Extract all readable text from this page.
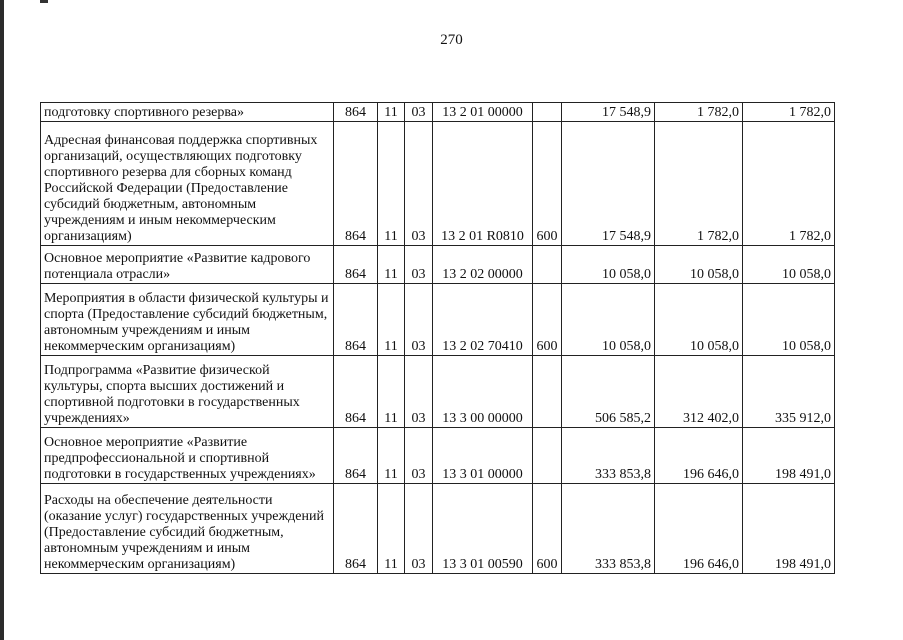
270
подготовку спортивного резерва»	864	11	03	13 2 01 00000		17 548,9	1 782,0	1 782,0
Адресная финансовая поддержка спортивных организаций, осуществляющих подготовку спортивного резерва для сборных команд Российской Федерации (Предоставление субсидий бюджетным, автономным учреждениям и иным некоммерческим организациям)	864	11	03	13 2 01 R0810	600	17 548,9	1 782,0	1 782,0
Основное мероприятие «Развитие кадрового потенциала отрасли»	864	11	03	13 2 02 00000		10 058,0	10 058,0	10 058,0
Мероприятия в области физической культуры и спорта (Предоставление субсидий бюджетным, автономным учреждениям и иным некоммерческим организациям)	864	11	03	13 2 02 70410	600	10 058,0	10 058,0	10 058,0
Подпрограмма «Развитие физической культуры, спорта высших достижений и спортивной подготовки в государственных учреждениях»	864	11	03	13 3 00 00000		506 585,2	312 402,0	335 912,0
Основное мероприятие «Развитие предпрофессиональной и спортивной подготовки в государственных учреждениях»	864	11	03	13 3 01 00000		333 853,8	196 646,0	198 491,0
Расходы на обеспечение деятельности (оказание услуг) государственных учреждений (Предоставление субсидий бюджетным, автономным учреждениям и иным некоммерческим организациям)	864	11	03	13 3 01 00590	600	333 853,8	196 646,0	198 491,0
